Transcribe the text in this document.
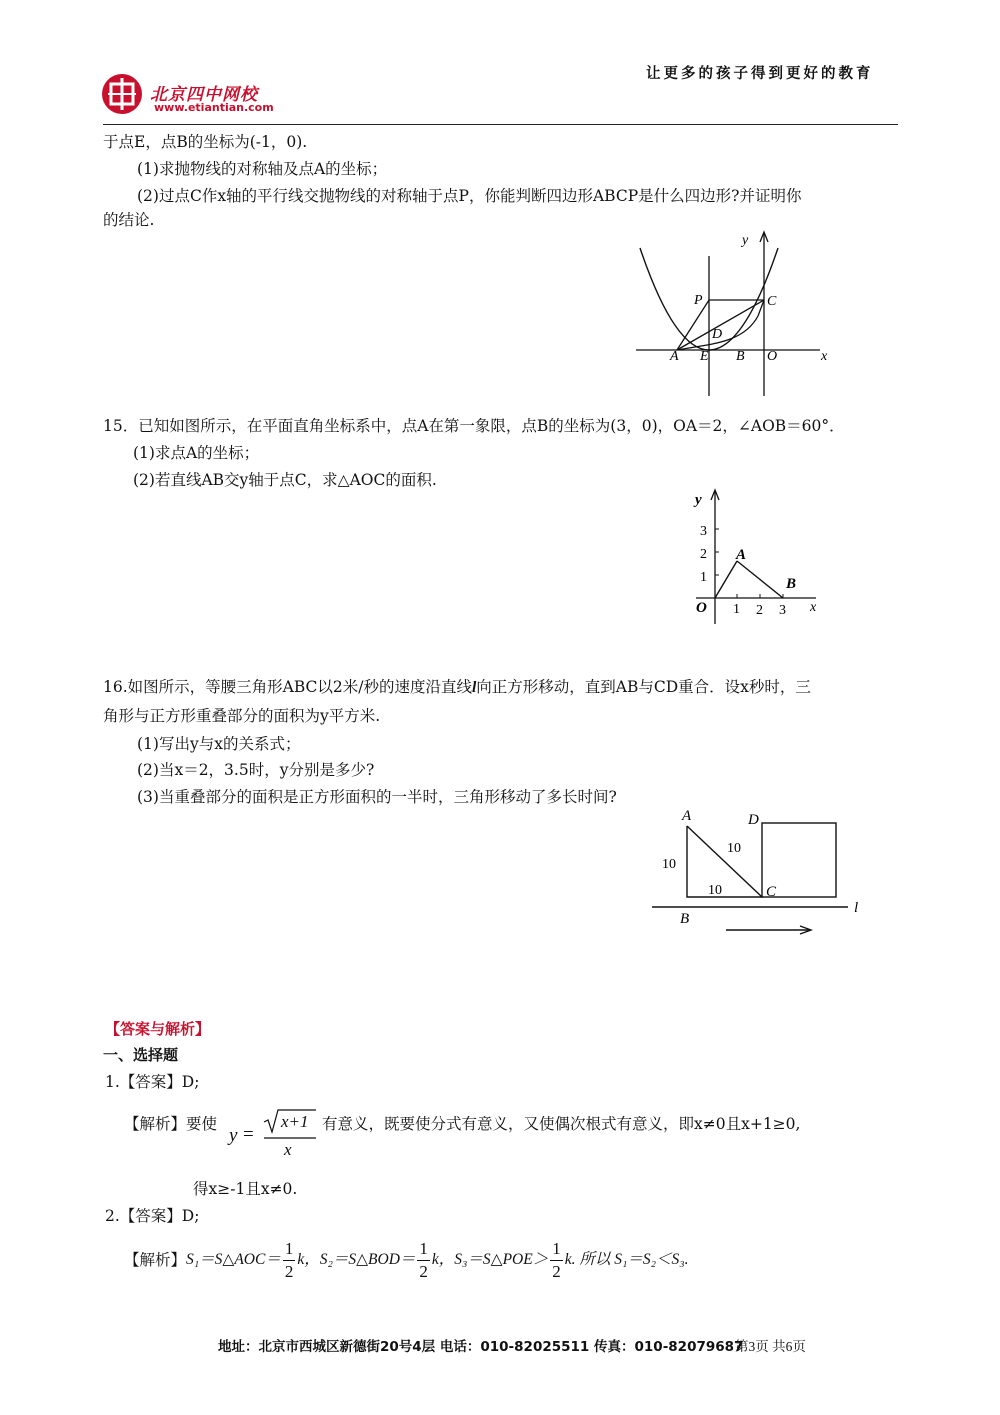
北京四中网校
www.etiantian.com
让更多的孩子得到更好的教育
于点E，点B的坐标为(-1，0).
(1)求抛物线的对称轴及点A的坐标；
(2)过点C作x轴的平行线交抛物线的对称轴于点P，你能判断四边形ABCP是什么四边形?并证明你
的结论.
y
x
P	C
D
A E B O
15．已知如图所示，在平面直角坐标系中，点A在第一象限，点B的坐标为(3，0)，OA＝2，∠AOB＝60°．
(1)求点A的坐标；
(2)若直线AB交y轴于点C，求△AOC的面积.
y
x
3
2
1
O 1 2 3
A
B
16.如图所示，等腰三角形ABC以2米/秒的速度沿直线l向正方形移动，直到AB与CD重合．设x秒时，三
角形与正方形重叠部分的面积为y平方米.
(1)写出y与x的关系式；
(2)当x＝2，3.5时，y分别是多少?
(3)当重叠部分的面积是正方形面积的一半时，三角形移动了多长时间?
A	D
C
B
l
10
10
10
【答案与解析】
一、选择题
1.【答案】D;
【解析】要使
y =
x+1
x
有意义，既要使分式有意义，又使偶次根式有意义，即x≠0且x+1≥0,
得x≥-1且x≠0.
2.【答案】D;
【解析】 S₁＝S△AOC＝ $\frac{1}{2}$ k， S₂＝S△BOD＝ $\frac{1}{2}$ k， S₃＝S△POE＞ $\frac{1}{2} k$. 所以 S₁＝S₂＜S₃.
地址：北京市西城区新德街20号4层 电话：010-82025511 传真：010-82079687
第3页 共6页
